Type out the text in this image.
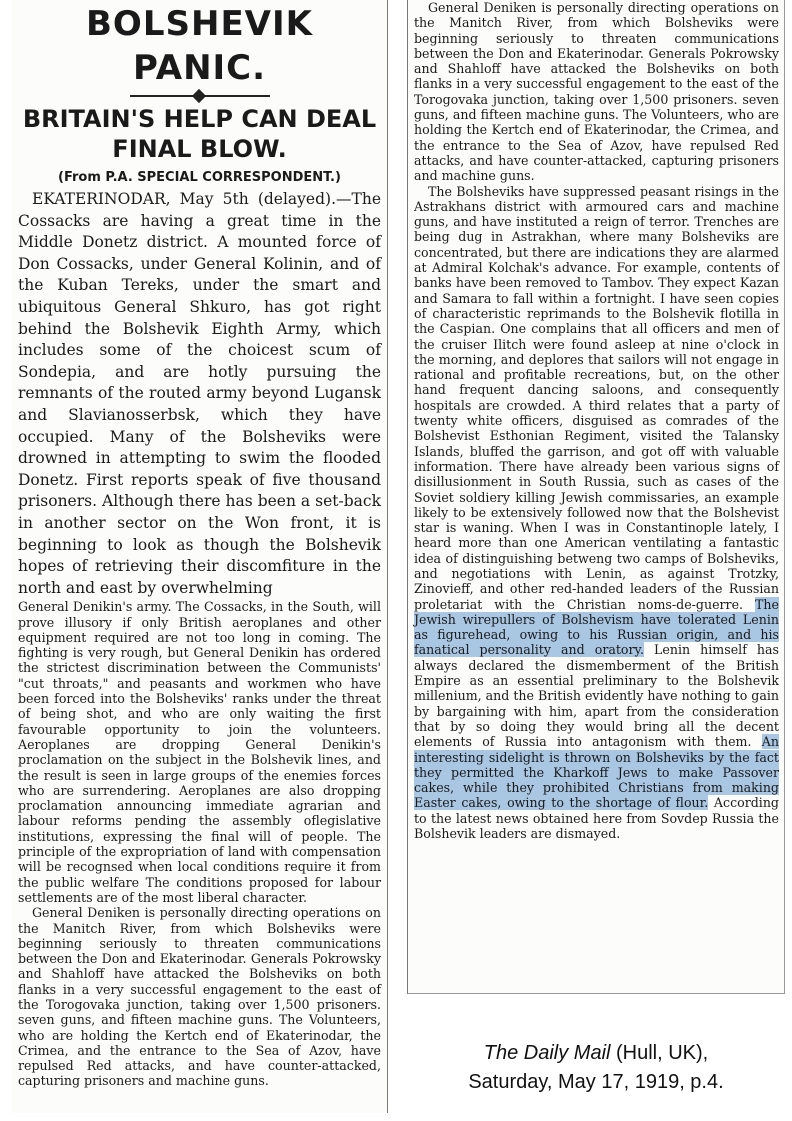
BOLSHEVIK PANIC.
BRITAIN'S HELP CAN DEAL FINAL BLOW.
(From P.A. SPECIAL CORRESPONDENT.)

EKATERINODAR, May 5th (delayed).—The Cossacks are having a great time in the Middle Donetz district. A mounted force of Don Cossacks, under General Kolinin, and of the Kuban Tereks, under the smart and ubiquitous General Shkuro, has got right behind the Bolshevik Eighth Army, which includes some of the choicest scum of Sondepia, and are hotly pursuing the remnants of the routed army beyond Lugansk and Slavianosserbsk, which they have occupied. Many of the Bolsheviks were drowned in attempting to swim the flooded Donetz. First reports speak of five thousand prisoners. Although there has been a set-back in another sector on the Won front, it is beginning to look as though the Bolshevik hopes of retrieving their discomfiture in the north and east by overwhelming

General Denikin's army. The Cossacks, in the South, will prove illusory if only British aeroplanes and other equipment required are not too long in coming. The fighting is very rough, but General Denikin has ordered the strictest discrimination between the Communists' "cut throats," and peasants and workmen who have been forced into the Bolsheviks' ranks under the threat of being shot, and who are only waiting the first favourable opportunity to join the volunteers. Aeroplanes are dropping General Denikin's proclamation on the subject in the Bolshevik lines, and the result is seen in large groups of the enemies forces who are surrendering. Aeroplanes are also dropping proclamation announcing immediate agrarian and labour reforms pending the assembly oflegislative institutions, expressing the final will of people. The principle of the expropriation of land with compensation will be recognsed when local conditions require it from the public welfare The conditions proposed for labour settlements are of the most liberal character.

General Deniken is personally directing operations on the Manitch River, from which Bolsheviks were beginning seriously to threaten communications between the Don and Ekaterinodar. Generals Pokrowsky and Shahloff have attacked the Bolsheviks on both flanks in a very successful engagement to the east of the Torogovaka junction, taking over 1,500 prisoners. seven guns, and fifteen machine guns. The Volunteers, who are holding the Kertch end of Ekaterinodar, the Crimea, and the entrance to the Sea of Azov, have repulsed Red attacks, and have counter-attacked, capturing prisoners and machine guns.

General Deniken is personally directing operations on the Manitch River, from which Bolsheviks were beginning seriously to threaten communications between the Don and Ekaterinodar. Generals Pokrowsky and Shahloff have attacked the Bolsheviks on both flanks in a very successful engagement to the east of the Torogovaka junction, taking over 1,500 prisoners. seven guns, and fifteen machine guns. The Volunteers, who are holding the Kertch end of Ekaterinodar, the Crimea, and the entrance to the Sea of Azov, have repulsed Red attacks, and have counter-attacked, capturing prisoners and machine guns.

The Bolsheviks have suppressed peasant risings in the Astrakhans district with armoured cars and machine guns, and have instituted a reign of terror. Trenches are being dug in Astrakhan, where many Bolsheviks are concentrated, but there are indications they are alarmed at Admiral Kolchak's advance. For example, contents of banks have been removed to Tambov. They expect Kazan and Samara to fall within a fortnight. I have seen copies of characteristic reprimands to the Bolshevik flotilla in the Caspian. One complains that all officers and men of the cruiser Ilitch were found asleep at nine o'clock in the morning, and deplores that sailors will not engage in rational and profitable recreations, but, on the other hand frequent dancing saloons, and consequently hospitals are crowded. A third relates that a party of twenty white officers, disguised as comrades of the Bolshevist Esthonian Regiment, visited the Talansky Islands, bluffed the garrison, and got off with valuable information. There have already been various signs of disillusionment in South Russia, such as cases of the Soviet soldiery killing Jewish commissaries, an example likely to be extensively followed now that the Bolshevist star is waning. When I was in Constantinople lately, I heard more than one American ventilating a fantastic idea of distinguishing betweng two camps of Bolsheviks, and negotiations with Lenin, as against Trotzky, Zinovieff, and other red-handed leaders of the Russian proletariat with the Christian noms-de-guerre. The Jewish wirepullers of Bolshevism have tolerated Lenin as figurehead, owing to his Russian origin, and his fanatical personality and oratory. Lenin himself has always declared the dismemberment of the British Empire as an essential preliminary to the Bolshevik millenium, and the British evidently have nothing to gain by bargaining with him, apart from the consideration that by so doing they would bring all the decent elements of Russia into antagonism with them. An interesting sidelight is thrown on Bolsheviks by the fact they permitted the Kharkoff Jews to make Passover cakes, while they prohibited Christians from making Easter cakes, owing to the shortage of flour. According to the latest news obtained here from Sovdep Russia the Bolshevik leaders are dismayed.

The Daily Mail (Hull, UK),
Saturday, May 17, 1919, p.4.
